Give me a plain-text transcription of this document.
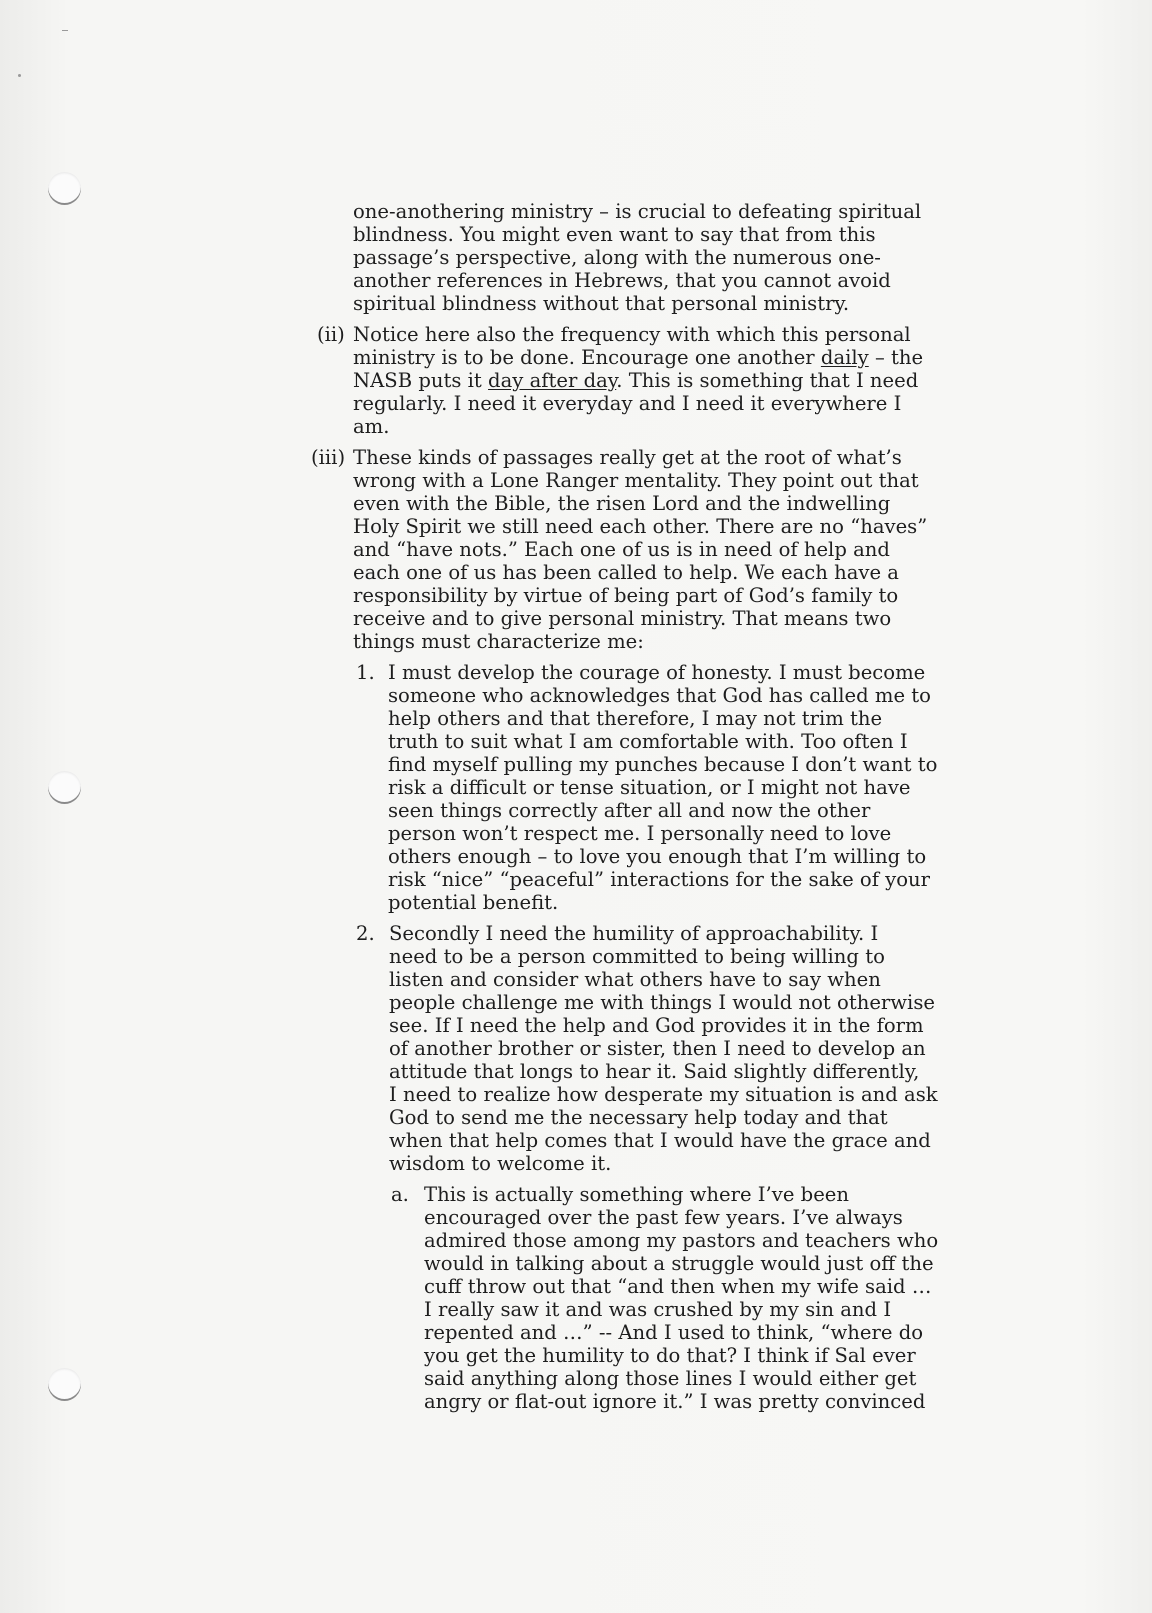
one-anothering ministry – is crucial to defeating spiritual
blindness. You might even want to say that from this
passage’s perspective, along with the numerous one-
another references in Hebrews, that you cannot avoid
spiritual blindness without that personal ministry.
(ii) Notice here also the frequency with which this personal
ministry is to be done. Encourage one another daily – the
NASB puts it day after day. This is something that I need
regularly. I need it everyday and I need it everywhere I
am.
(iii) These kinds of passages really get at the root of what’s
wrong with a Lone Ranger mentality. They point out that
even with the Bible, the risen Lord and the indwelling
Holy Spirit we still need each other. There are no “haves”
and “have nots.” Each one of us is in need of help and
each one of us has been called to help. We each have a
responsibility by virtue of being part of God’s family to
receive and to give personal ministry. That means two
things must characterize me:
1. I must develop the courage of honesty. I must become
someone who acknowledges that God has called me to
help others and that therefore, I may not trim the
truth to suit what I am comfortable with. Too often I
find myself pulling my punches because I don’t want to
risk a difficult or tense situation, or I might not have
seen things correctly after all and now the other
person won’t respect me. I personally need to love
others enough – to love you enough that I’m willing to
risk “nice” “peaceful” interactions for the sake of your
potential benefit.
2. Secondly I need the humility of approachability. I
need to be a person committed to being willing to
listen and consider what others have to say when
people challenge me with things I would not otherwise
see. If I need the help and God provides it in the form
of another brother or sister, then I need to develop an
attitude that longs to hear it. Said slightly differently,
I need to realize how desperate my situation is and ask
God to send me the necessary help today and that
when that help comes that I would have the grace and
wisdom to welcome it.
a. This is actually something where I’ve been
encouraged over the past few years. I’ve always
admired those among my pastors and teachers who
would in talking about a struggle would just off the
cuff throw out that “and then when my wife said …
I really saw it and was crushed by my sin and I
repented and …” -- And I used to think, “where do
you get the humility to do that? I think if Sal ever
said anything along those lines I would either get
angry or flat-out ignore it.” I was pretty convinced
